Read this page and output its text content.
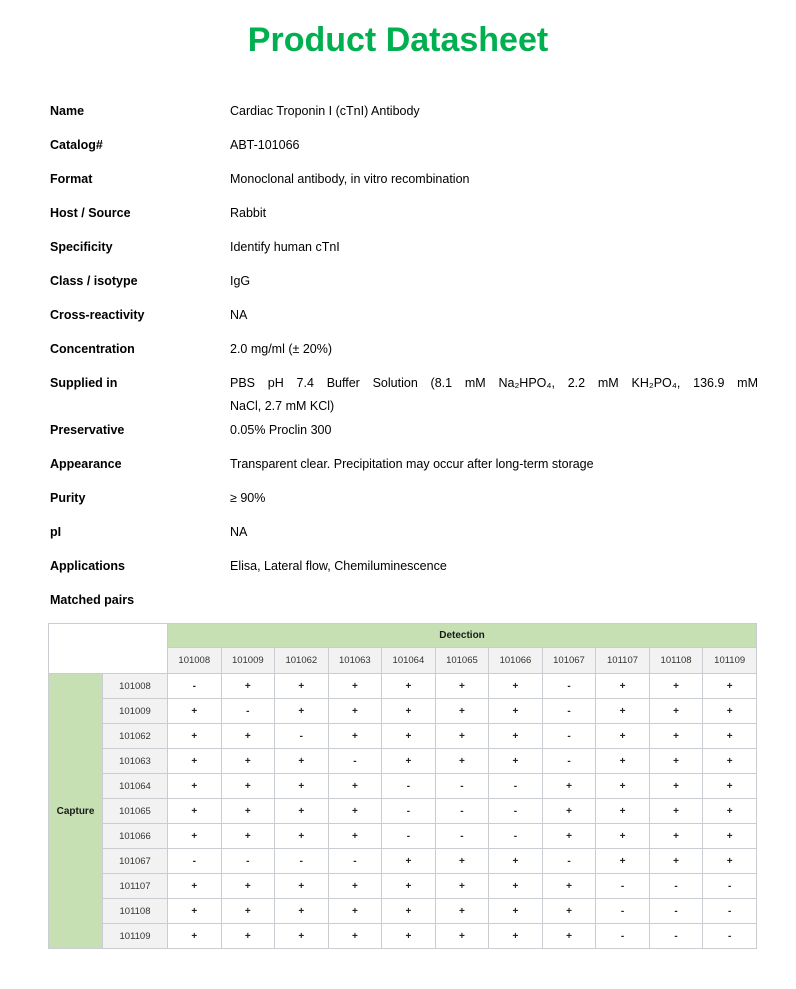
Product Datasheet
Name	Cardiac Troponin I (cTnI) Antibody
Catalog#	ABT-101066
Format	Monoclonal antibody, in vitro recombination
Host / Source	Rabbit
Specificity	Identify human cTnI
Class / isotype	IgG
Cross-reactivity	NA
Concentration	2.0 mg/ml (± 20%)
Supplied in	PBS pH 7.4 Buffer Solution (8.1 mM Na₂HPO₄, 2.2 mM KH₂PO₄, 136.9 mM
NaCl, 2.7 mM KCl)
Preservative	0.05% Proclin 300
Appearance	Transparent clear. Precipitation may occur after long-term storage
Purity	≥ 90%
pI	NA
Applications	Elisa, Lateral flow, Chemiluminescence
Matched pairs
		Detection										
		101008	101009	101062	101063	101064	101065	101066	101067	101107	101108	101109
Capture	101008	-	+	+	+	+	+	+	-	+	+	+
	101009	+	-	+	+	+	+	+	-	+	+	+
	101062	+	+	-	+	+	+	+	-	+	+	+
	101063	+	+	+	-	+	+	+	-	+	+	+
	101064	+	+	+	+	-	-	-	+	+	+	+
	101065	+	+	+	+	-	-	-	+	+	+	+
	101066	+	+	+	+	-	-	-	+	+	+	+
	101067	-	-	-	-	+	+	+	-	+	+	+
	101107	+	+	+	+	+	+	+	+	-	-	-
	101108	+	+	+	+	+	+	+	+	-	-	-
	101109	+	+	+	+	+	+	+	+	-	-	-
